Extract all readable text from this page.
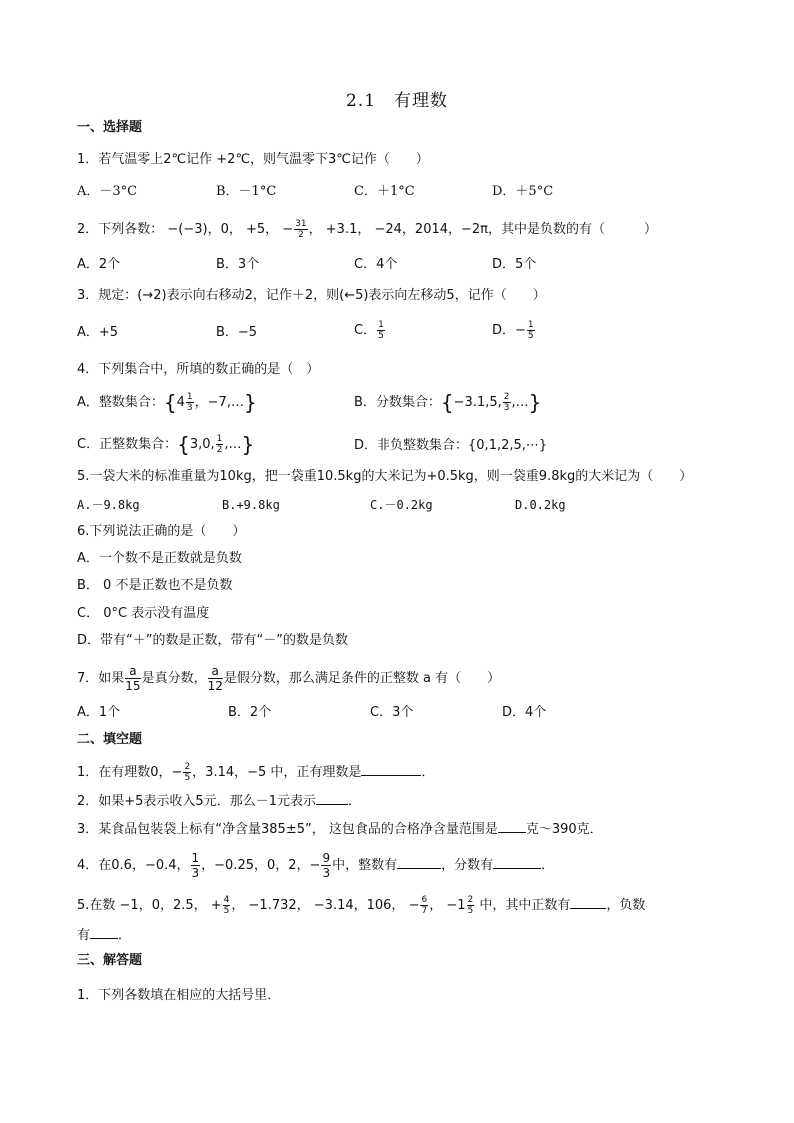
2.1　有理数
一、选择题
1．若气温零上2℃记作 +2℃，则气温零下3℃记作（　　）
A．－3°C	B．－1°C	C．＋1°C	D．＋5°C
2．下列各数： −(−3)，0， +5， − $\frac{31}{2}$ ， +3.1， −24，2014，−2π，其中是负数的有（　　　）
A．2个	B．3个	C．4个	D．5个
3．规定：(→2)表示向右移动2，记作＋2，则(←5)表示向左移动5，记作（　　）
A．+5	B．−5	C． $\frac{1}{5}$	D．− $\frac{1}{5}$
4．下列集合中，所填的数正确的是（　）
A．整数集合：{$4 \frac{1}{3}$ ，−7,…}	B．分数集合：{−3.1,5, $\frac{2}{3}$ ,…}
C．正整数集合：{3,0, $\frac{1}{2}$ ,…}	D．非负整数集合：{0,1,2,5,⋯}
5.一袋大米的标准重量为10kg，把一袋重10.5kg的大米记为+0.5kg，则一袋重9.8kg的大米记为（　　）
A.－9.8kg	B.+9.8kg	C.－0.2kg	D.0.2kg
6.下列说法正确的是（　　）
A．一个数不是正数就是负数
B． 0 不是正数也不是负数
C． 0°C 表示没有温度
D．带有“＋”的数是正数，带有“－”的数是负数
7．如果 $\frac{a}{15}$ 是真分数， $\frac{a}{12}$ 是假分数，那么满足条件的正整数 a 有（　　）
A．1个	B．2个	C．3个	D．4个
二、填空题
1．在有理数0，− $\frac{2}{5}$ ，3.14，−5 中，正有理数是	．
2．如果+5表示收入5元．那么－1元表示 ．
3．某食品包装袋上标有“净含量385±5”， 这包食品的合格净含量范围是 克～390克．
4．在0.6，−0.4， $\frac{1}{3}$ ，−0.25，0，2，− $\frac{9}{3}$ 中，整数有	，分数有	．
5.在数 −1，0，2.5， + $\frac{4}{5}$ ， −1.732， −3.14，106， − $\frac{6}{7}$ ， $-1 \frac{2}{5}$ 中，其中正数有	，负数
有 ．
三、解答题
1．下列各数填在相应的大括号里．
